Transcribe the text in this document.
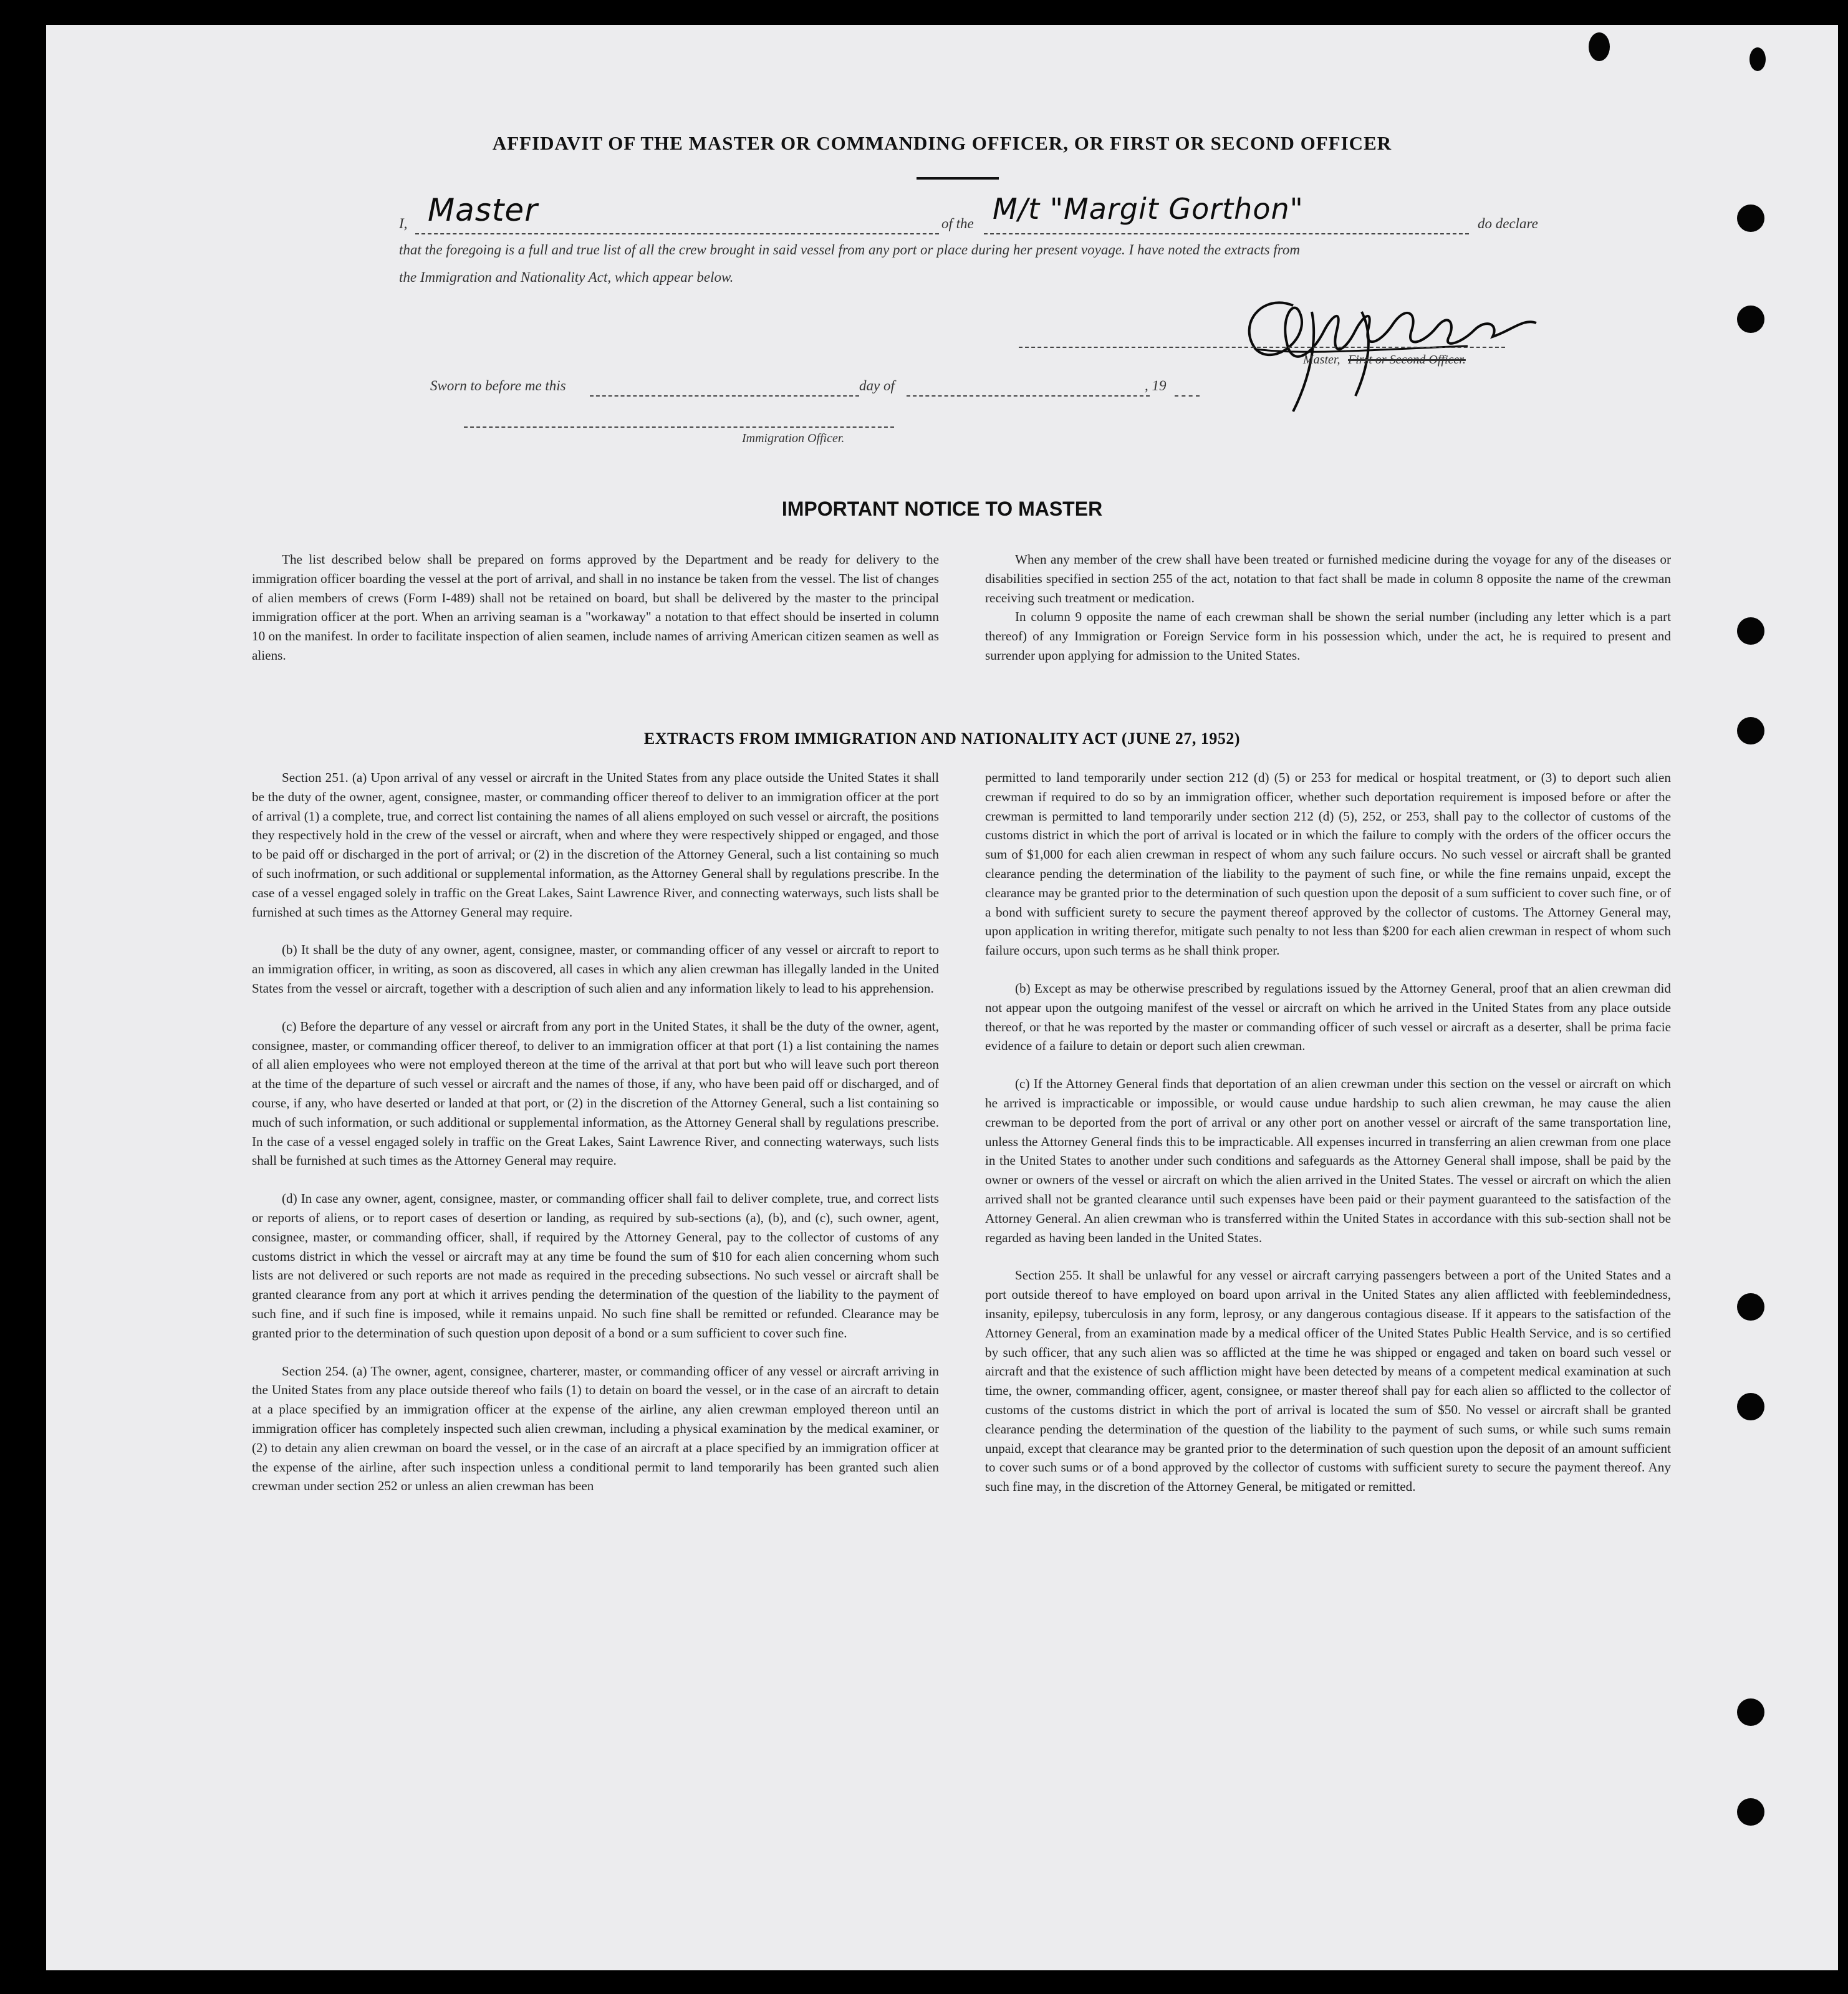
AFFIDAVIT OF THE MASTER OR COMMANDING OFFICER, OR FIRST OR SECOND OFFICER
I, Master	of the M/t "Margit Gorthon"	do declare
that the foregoing is a full and true list of all the crew brought in said vessel from any port or place during her present voyage. I have noted the extracts from
the Immigration and Nationality Act, which appear below.
Master, First or Second Officer.
Sworn to before me this	day of	, 19
Immigration Officer.
IMPORTANT NOTICE TO MASTER

The list described below shall be prepared on forms approved by the Department and be ready for delivery to the immigration officer boarding the vessel at the port of arrival, and shall in no instance be taken from the vessel. The list of changes of alien members of crews (Form I-489) shall not be retained on board, but shall be delivered by the master to the principal immigration officer at the port. When an arriving seaman is a "workaway" a notation to that effect should be inserted in column 10 on the manifest. In order to facilitate inspection of alien seamen, include names of arriving American citizen seamen as well as aliens.

When any member of the crew shall have been treated or furnished medicine during the voyage for any of the diseases or disabilities specified in section 255 of the act, notation to that fact shall be made in column 8 opposite the name of the crewman receiving such treatment or medication.

In column 9 opposite the name of each crewman shall be shown the serial number (including any letter which is a part thereof) of any Immigration or Foreign Service form in his possession which, under the act, he is required to present and surrender upon applying for admission to the United States.

EXTRACTS FROM IMMIGRATION AND NATIONALITY ACT (JUNE 27, 1952)

Section 251. (a) Upon arrival of any vessel or aircraft in the United States from any place outside the United States it shall be the duty of the owner, agent, consignee, master, or commanding officer thereof to deliver to an immigration officer at the port of arrival (1) a complete, true, and correct list containing the names of all aliens employed on such vessel or aircraft, the positions they respectively hold in the crew of the vessel or aircraft, when and where they were respectively shipped or engaged, and those to be paid off or discharged in the port of arrival; or (2) in the discretion of the Attorney General, such a list containing so much of such inofrmation, or such additional or supplemental information, as the Attorney General shall by regulations prescribe. In the case of a vessel engaged solely in traffic on the Great Lakes, Saint Lawrence River, and connecting waterways, such lists shall be furnished at such times as the Attorney General may require.

(b) It shall be the duty of any owner, agent, consignee, master, or commanding officer of any vessel or aircraft to report to an immigration officer, in writing, as soon as discovered, all cases in which any alien crewman has illegally landed in the United States from the vessel or aircraft, together with a description of such alien and any information likely to lead to his apprehension.

(c) Before the departure of any vessel or aircraft from any port in the United States, it shall be the duty of the owner, agent, consignee, master, or commanding officer thereof, to deliver to an immigration officer at that port (1) a list containing the names of all alien employees who were not employed thereon at the time of the arrival at that port but who will leave such port thereon at the time of the departure of such vessel or aircraft and the names of those, if any, who have been paid off or discharged, and of course, if any, who have deserted or landed at that port, or (2) in the discretion of the Attorney General, such a list containing so much of such information, or such additional or supplemental information, as the Attorney General shall by regulations prescribe. In the case of a vessel engaged solely in traffic on the Great Lakes, Saint Lawrence River, and connecting waterways, such lists shall be furnished at such times as the Attorney General may require.

(d) In case any owner, agent, consignee, master, or commanding officer shall fail to deliver complete, true, and correct lists or reports of aliens, or to report cases of desertion or landing, as required by sub-sections (a), (b), and (c), such owner, agent, consignee, master, or commanding officer, shall, if required by the Attorney General, pay to the collector of customs of any customs district in which the vessel or aircraft may at any time be found the sum of $10 for each alien concerning whom such lists are not delivered or such reports are not made as required in the preceding subsections. No such vessel or aircraft shall be granted clearance from any port at which it arrives pending the determination of the question of the liability to the payment of such fine, and if such fine is imposed, while it remains unpaid. No such fine shall be remitted or refunded. Clearance may be granted prior to the determination of such question upon deposit of a bond or a sum sufficient to cover such fine.

Section 254. (a) The owner, agent, consignee, charterer, master, or commanding officer of any vessel or aircraft arriving in the United States from any place outside thereof who fails (1) to detain on board the vessel, or in the case of an aircraft to detain at a place specified by an immigration officer at the expense of the airline, any alien crewman employed thereon until an immigration officer has completely inspected such alien crewman, including a physical examination by the medical examiner, or (2) to detain any alien crewman on board the vessel, or in the case of an aircraft at a place specified by an immigration officer at the expense of the airline, after such inspection unless a conditional permit to land temporarily has been granted such alien crewman under section 252 or unless an alien crewman has been

permitted to land temporarily under section 212 (d) (5) or 253 for medical or hospital treatment, or (3) to deport such alien crewman if required to do so by an immigration officer, whether such deportation requirement is imposed before or after the crewman is permitted to land temporarily under section 212 (d) (5), 252, or 253, shall pay to the collector of customs of the customs district in which the port of arrival is located or in which the failure to comply with the orders of the officer occurs the sum of $1,000 for each alien crewman in respect of whom any such failure occurs. No such vessel or aircraft shall be granted clearance pending the determination of the liability to the payment of such fine, or while the fine remains unpaid, except the clearance may be granted prior to the determination of such question upon the deposit of a sum sufficient to cover such fine, or of a bond with sufficient surety to secure the payment thereof approved by the collector of customs. The Attorney General may, upon application in writing therefor, mitigate such penalty to not less than $200 for each alien crewman in respect of whom such failure occurs, upon such terms as he shall think proper.

(b) Except as may be otherwise prescribed by regulations issued by the Attorney General, proof that an alien crewman did not appear upon the outgoing manifest of the vessel or aircraft on which he arrived in the United States from any place outside thereof, or that he was reported by the master or commanding officer of such vessel or aircraft as a deserter, shall be prima facie evidence of a failure to detain or deport such alien crewman.

(c) If the Attorney General finds that deportation of an alien crewman under this section on the vessel or aircraft on which he arrived is impracticable or impossible, or would cause undue hardship to such alien crewman, he may cause the alien crewman to be deported from the port of arrival or any other port on another vessel or aircraft of the same transportation line, unless the Attorney General finds this to be impracticable. All expenses incurred in transferring an alien crewman from one place in the United States to another under such conditions and safeguards as the Attorney General shall impose, shall be paid by the owner or owners of the vessel or aircraft on which the alien arrived in the United States. The vessel or aircraft on which the alien arrived shall not be granted clearance until such expenses have been paid or their payment guaranteed to the satisfaction of the Attorney General. An alien crewman who is transferred within the United States in accordance with this sub-section shall not be regarded as having been landed in the United States.

Section 255. It shall be unlawful for any vessel or aircraft carrying passengers between a port of the United States and a port outside thereof to have employed on board upon arrival in the United States any alien afflicted with feeblemindedness, insanity, epilepsy, tuberculosis in any form, leprosy, or any dangerous contagious disease. If it appears to the satisfaction of the Attorney General, from an examination made by a medical officer of the United States Public Health Service, and is so certified by such officer, that any such alien was so afflicted at the time he was shipped or engaged and taken on board such vessel or aircraft and that the existence of such affliction might have been detected by means of a competent medical examination at such time, the owner, commanding officer, agent, consignee, or master thereof shall pay for each alien so afflicted to the collector of customs of the customs district in which the port of arrival is located the sum of $50. No vessel or aircraft shall be granted clearance pending the determination of the question of the liability to the payment of such sums, or while such sums remain unpaid, except that clearance may be granted prior to the determination of such question upon the deposit of an amount sufficient to cover such sums or of a bond approved by the collector of customs with sufficient surety to secure the payment thereof. Any such fine may, in the discretion of the Attorney General, be mitigated or remitted.
